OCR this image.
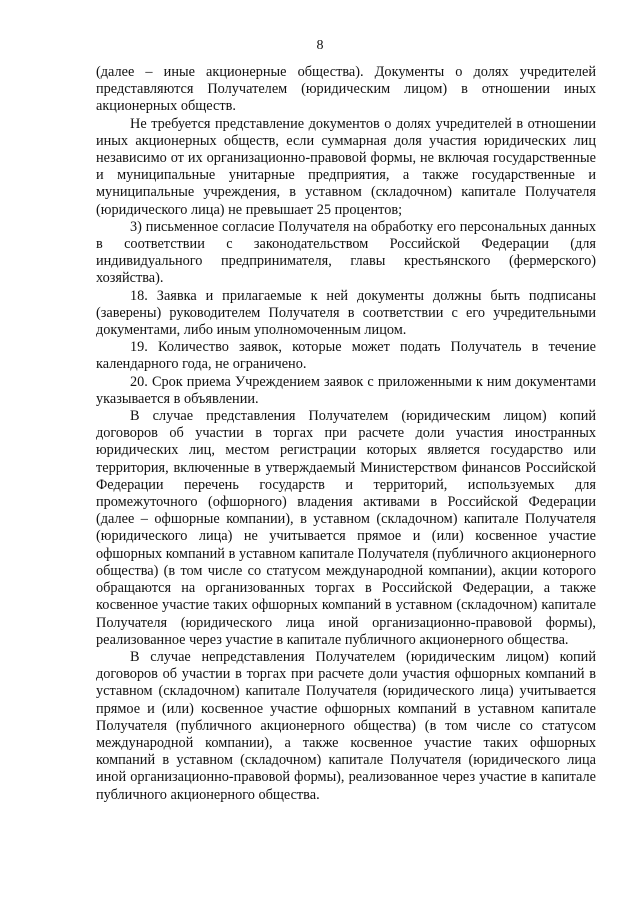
8

(далее – иные акционерные общества). Документы о долях учредителей представляются Получателем (юридическим лицом) в отношении иных акционерных обществ.

Не требуется представление документов о долях учредителей в отношении иных акционерных обществ, если суммарная доля участия юридических лиц независимо от их организационно-правовой формы, не включая государственные и муниципальные унитарные предприятия, а также государственные и муниципальные учреждения, в уставном (складочном) капитале Получателя (юридического лица) не превышает 25 процентов;

3) письменное согласие Получателя на обработку его персональных данных в соответствии с законодательством Российской Федерации (для индивидуального предпринимателя, главы крестьянского (фермерского) хозяйства).

18. Заявка и прилагаемые к ней документы должны быть подписаны (заверены) руководителем Получателя в соответствии с его учредительными документами, либо иным уполномоченным лицом.

19. Количество заявок, которые может подать Получатель в течение календарного года, не ограничено.

20. Срок приема Учреждением заявок с приложенными к ним документами указывается в объявлении.

В случае представления Получателем (юридическим лицом) копий договоров об участии в торгах при расчете доли участия иностранных юридических лиц, местом регистрации которых является государство или территория, включенные в утверждаемый Министерством финансов Российской Федерации перечень государств и территорий, используемых для промежуточного (офшорного) владения активами в Российской Федерации (далее – офшорные компании), в уставном (складочном) капитале Получателя (юридического лица) не учитывается прямое и (или) косвенное участие офшорных компаний в уставном капитале Получателя (публичного акционерного общества) (в том числе со статусом международной компании), акции которого обращаются на организованных торгах в Российской Федерации, а также косвенное участие таких офшорных компаний в уставном (складочном) капитале Получателя (юридического лица иной организационно-правовой формы), реализованное через участие в капитале публичного акционерного общества.

В случае непредставления Получателем (юридическим лицом) копий договоров об участии в торгах при расчете доли участия офшорных компаний в уставном (складочном) капитале Получателя (юридического лица) учитывается прямое и (или) косвенное участие офшорных компаний в уставном капитале Получателя (публичного акционерного общества) (в том числе со статусом международной компании), а также косвенное участие таких офшорных компаний в уставном (складочном) капитале Получателя (юридического лица иной организационно-правовой формы), реализованное через участие в капитале публичного акционерного общества.
